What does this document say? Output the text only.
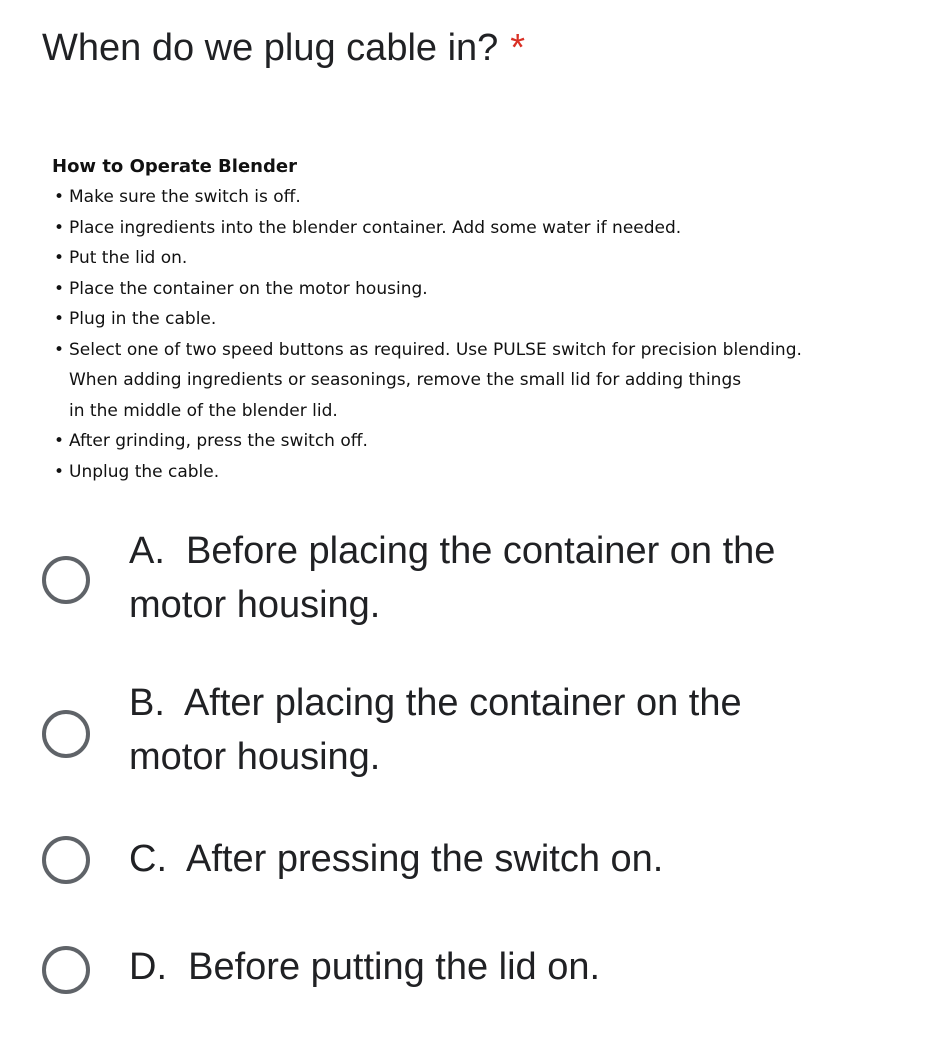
When do we plug cable in? *

How to Operate Blender

• Make sure the switch is off.
• Place ingredients into the blender container. Add some water if needed.
• Put the lid on.
• Place the container on the motor housing.
• Plug in the cable.
• Select one of two speed buttons as required. Use PULSE switch for precision blending.
When adding ingredients or seasonings, remove the small lid for adding things
in the middle of the blender lid.
• After grinding, press the switch off.
• Unplug the cable.
A. Before placing the container on the motor housing.
B. After placing the container on the motor housing.
C. After pressing the switch on.
D. Before putting the lid on.
